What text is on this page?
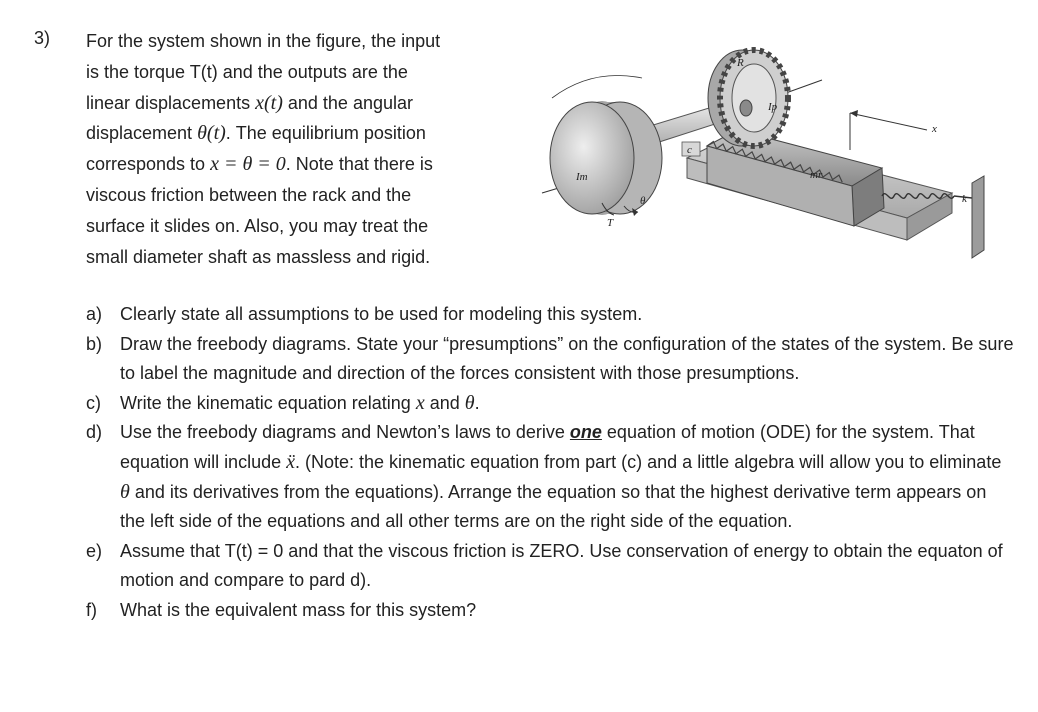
3) For the system shown in the figure, the input
is the torque T(t) and the outputs are the
linear displacements x(t) and the angular
displacement θ(t). The equilibrium position
corresponds to x = θ = 0. Note that there is
viscous friction between the rack and the
surface it slides on. Also, you may treat the
small diameter shaft as massless and rigid.
R
Ip
x
c
Im	mr
k
T
θ
a) Clearly state all assumptions to be used for modeling this system.
b) Draw the freebody diagrams. State your “presumptions” on the configuration of the states of the system. Be sure to label the magnitude and direction of the forces consistent with those presumptions.
c) Write the kinematic equation relating x and θ.
d) Use the freebody diagrams and Newton’s laws to derive one equation of motion (ODE) for the system. That equation will include ẍ. (Note: the kinematic equation from part (c) and a little algebra will allow you to eliminate θ and its derivatives from the equations). Arrange the equation so that the highest derivative term appears on the left side of the equations and all other terms are on the right side of the equation.
e) Assume that T(t) = 0 and that the viscous friction is ZERO. Use conservation of energy to obtain the equaton of motion and compare to pard d).
f) What is the equivalent mass for this system?
